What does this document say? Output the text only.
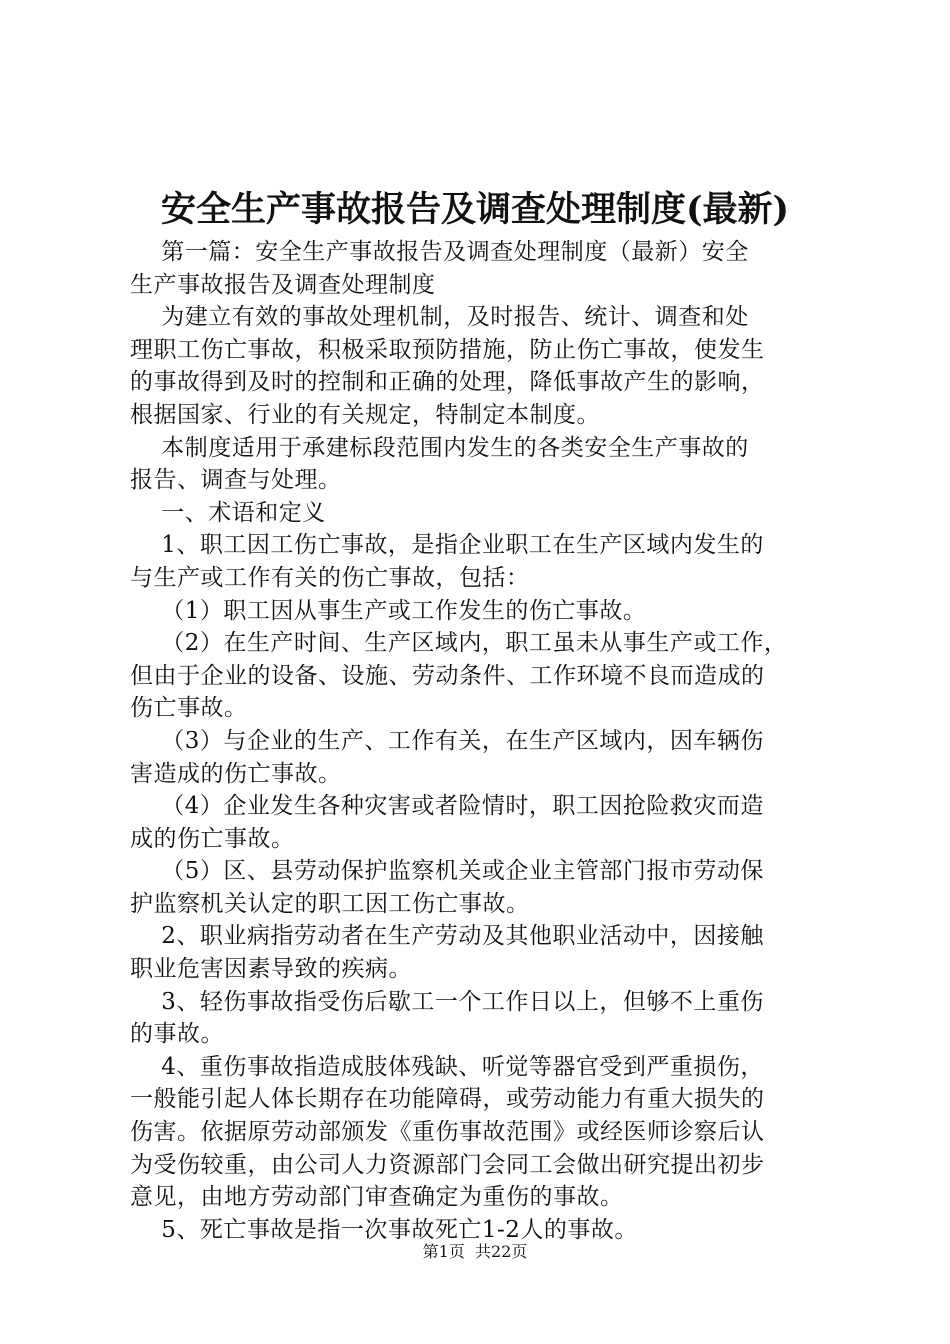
安全生产事故报告及调查处理制度(最新)
第一篇：安全生产事故报告及调查处理制度（最新）安全
生产事故报告及调查处理制度
为建立有效的事故处理机制，及时报告、统计、调查和处
理职工伤亡事故，积极采取预防措施，防止伤亡事故，使发生
的事故得到及时的控制和正确的处理，降低事故产生的影响，
根据国家、行业的有关规定，特制定本制度。
本制度适用于承建标段范围内发生的各类安全生产事故的
报告、调查与处理。
一、术语和定义
1、职工因工伤亡事故，是指企业职工在生产区域内发生的
与生产或工作有关的伤亡事故，包括：
（1）职工因从事生产或工作发生的伤亡事故。
（2）在生产时间、生产区域内，职工虽未从事生产或工作，
但由于企业的设备、设施、劳动条件、工作环境不良而造成的
伤亡事故。
（3）与企业的生产、工作有关，在生产区域内，因车辆伤
害造成的伤亡事故。
（4）企业发生各种灾害或者险情时，职工因抢险救灾而造
成的伤亡事故。
（5）区、县劳动保护监察机关或企业主管部门报市劳动保
护监察机关认定的职工因工伤亡事故。
2、职业病指劳动者在生产劳动及其他职业活动中，因接触
职业危害因素导致的疾病。
3、轻伤事故指受伤后歇工一个工作日以上，但够不上重伤
的事故。
4、重伤事故指造成肢体残缺、听觉等器官受到严重损伤，
一般能引起人体长期存在功能障碍，或劳动能力有重大损失的
伤害。依据原劳动部颁发《重伤事故范围》或经医师诊察后认
为受伤较重，由公司人力资源部门会同工会做出研究提出初步
意见，由地方劳动部门审查确定为重伤的事故。
5、死亡事故是指一次事故死亡1-2人的事故。
第1页  共22页
